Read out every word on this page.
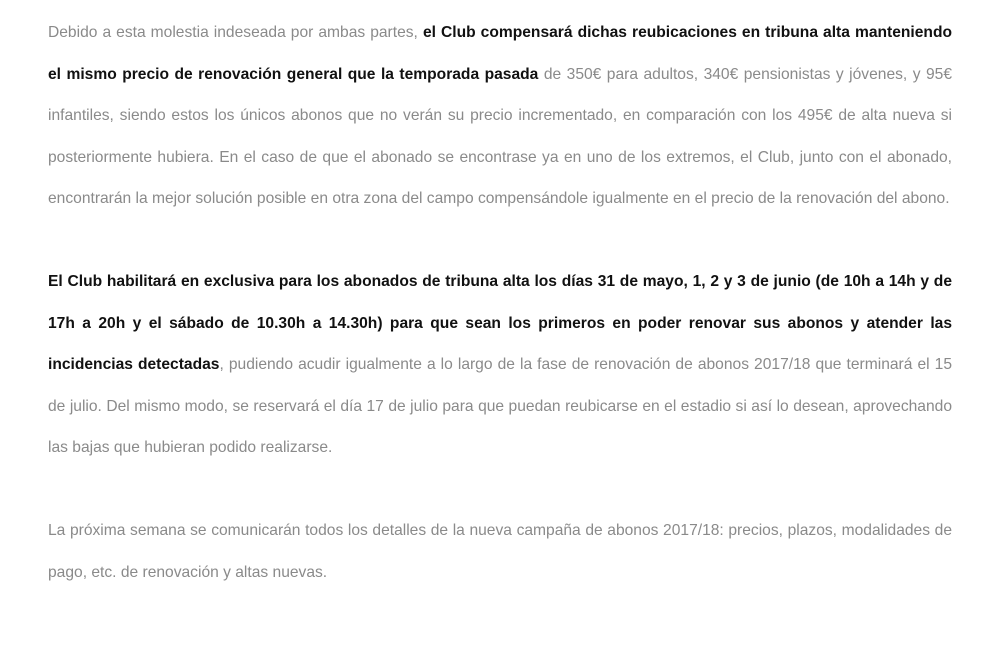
Debido a esta molestia indeseada por ambas partes, el Club compensará dichas reubicaciones en tribuna alta manteniendo el mismo precio de renovación general que la temporada pasada de 350€ para adultos, 340€ pensionistas y jóvenes, y 95€ infantiles, siendo estos los únicos abonos que no verán su precio incrementado, en comparación con los 495€ de alta nueva si posteriormente hubiera. En el caso de que el abonado se encontrase ya en uno de los extremos, el Club, junto con el abonado, encontrarán la mejor solución posible en otra zona del campo compensándole igualmente en el precio de la renovación del abono.

El Club habilitará en exclusiva para los abonados de tribuna alta los días 31 de mayo, 1, 2 y 3 de junio (de 10h a 14h y de 17h a 20h y el sábado de 10.30h a 14.30h) para que sean los primeros en poder renovar sus abonos y atender las incidencias detectadas, pudiendo acudir igualmente a lo largo de la fase de renovación de abonos 2017/18 que terminará el 15 de julio. Del mismo modo, se reservará el día 17 de julio para que puedan reubicarse en el estadio si así lo desean, aprovechando las bajas que hubieran podido realizarse.

La próxima semana se comunicarán todos los detalles de la nueva campaña de abonos 2017/18: precios, plazos, modalidades de pago, etc. de renovación y altas nuevas.
